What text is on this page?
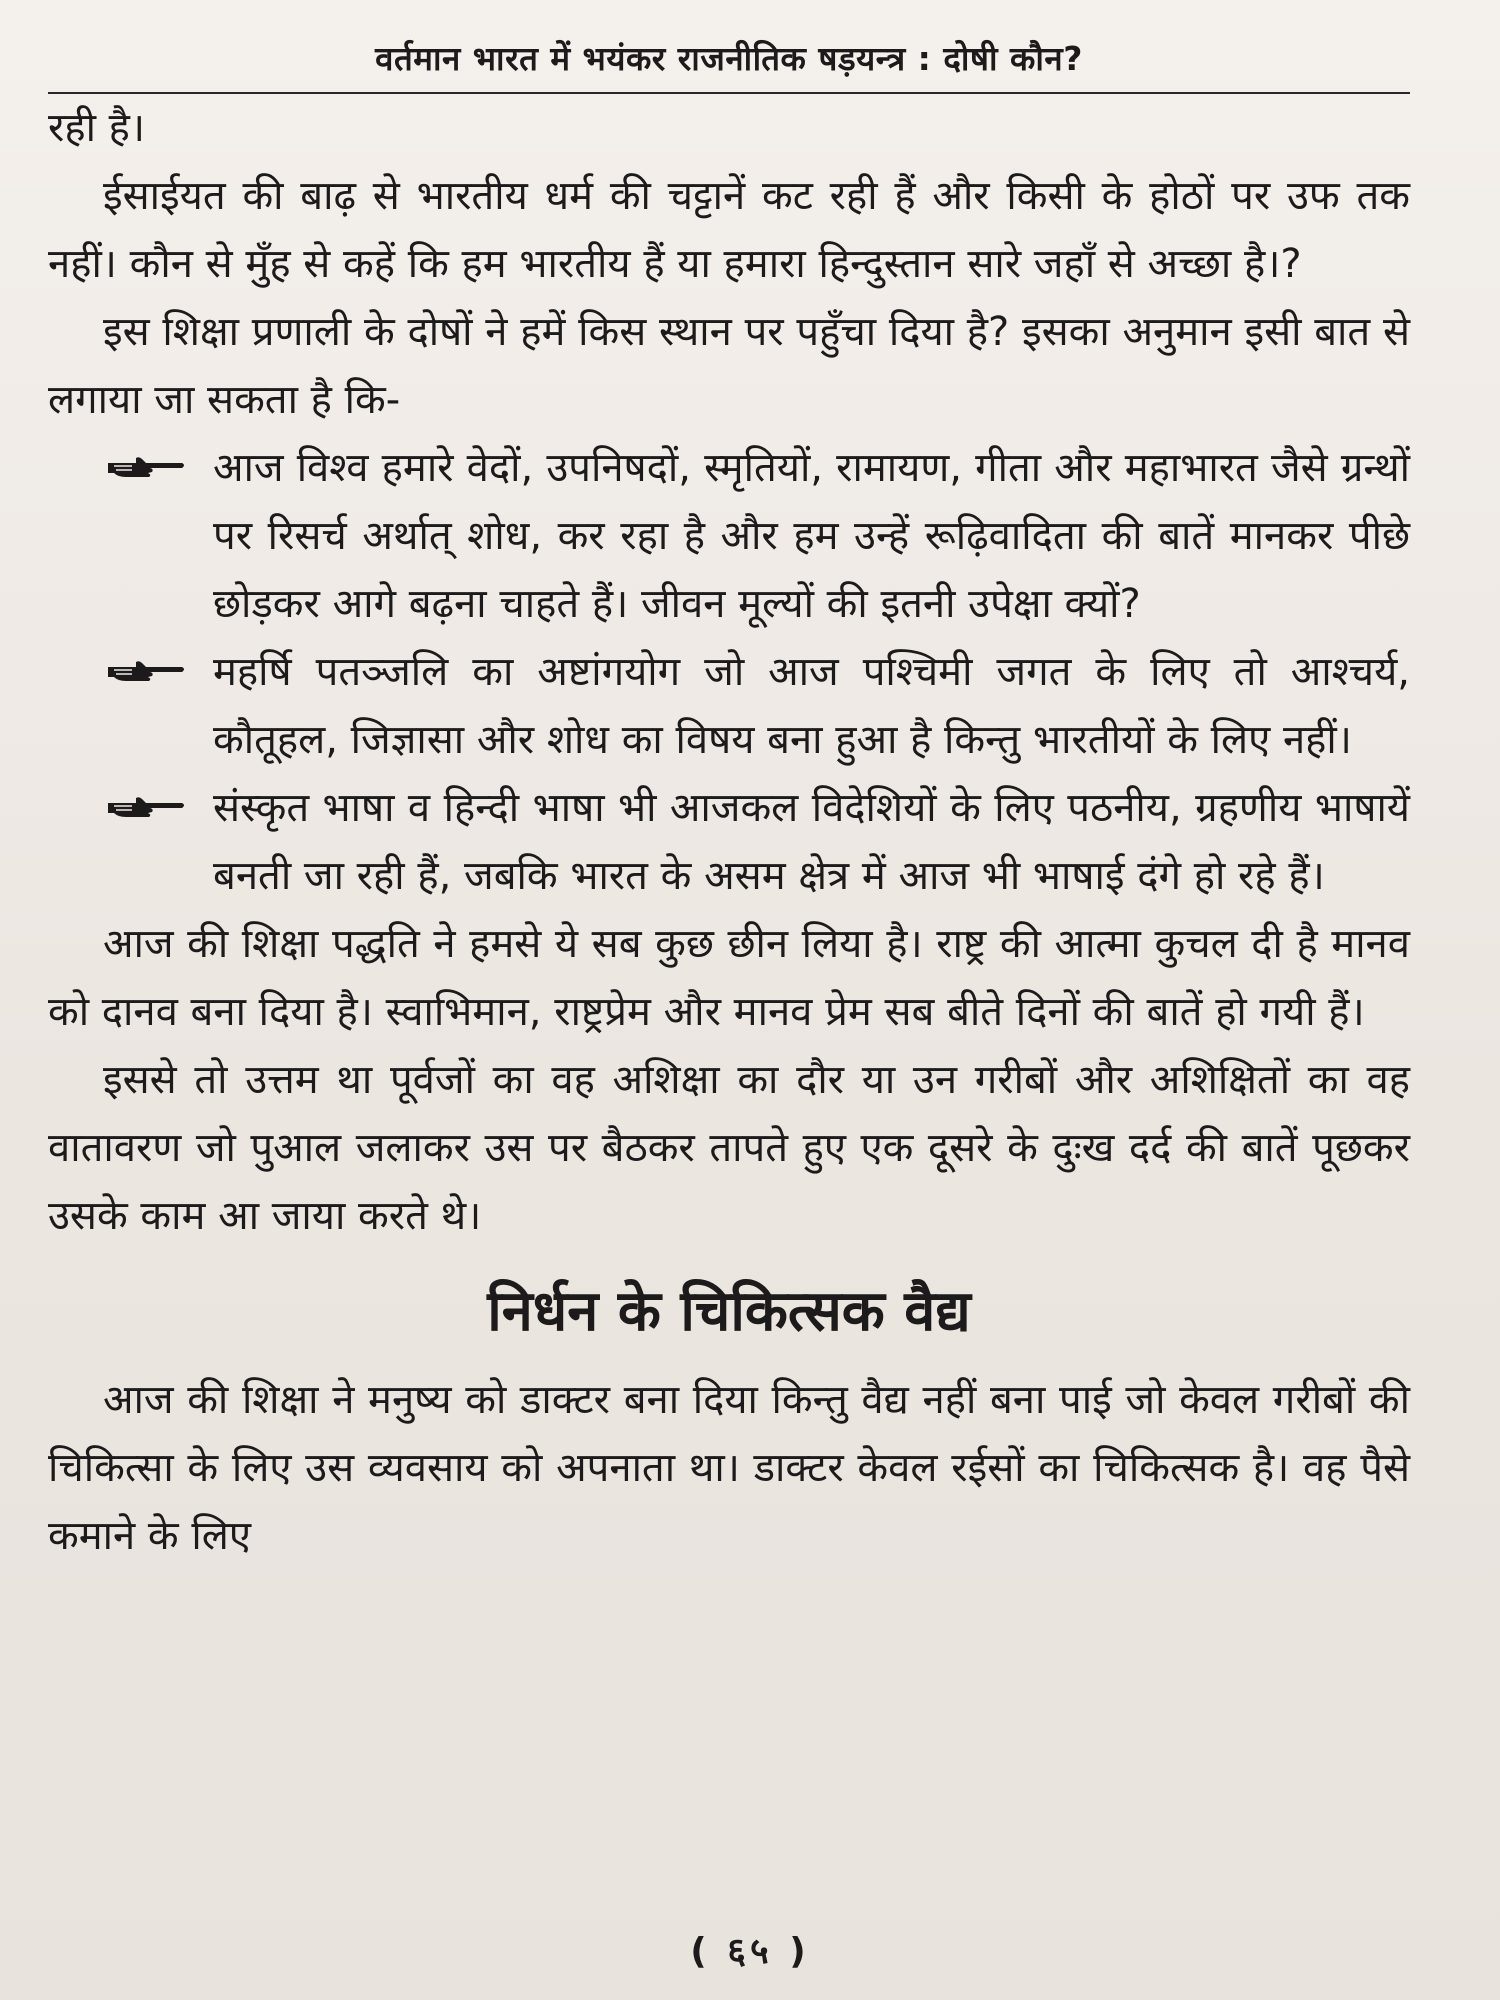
वर्तमान भारत में भयंकर राजनीतिक षड़यन्त्र : दोषी कौन?

रही है।

ईसाईयत की बाढ़ से भारतीय धर्म की चट्टानें कट रही हैं और किसी के होठों पर उफ तक नहीं। कौन से मुँह से कहें कि हम भारतीय हैं या हमारा हिन्दुस्तान सारे जहाँ से अच्छा है।?

इस शिक्षा प्रणाली के दोषों ने हमें किस स्थान पर पहुँचा दिया है? इसका अनुमान इसी बात से लगाया जा सकता है कि-

आज विश्व हमारे वेदों, उपनिषदों, स्मृतियों, रामायण, गीता और महाभारत जैसे ग्रन्थों पर रिसर्च अर्थात् शोध, कर रहा है और हम उन्हें रूढ़िवादिता की बातें मानकर पीछे छोड़कर आगे बढ़ना चाहते हैं। जीवन मूल्यों की इतनी उपेक्षा क्यों?
महर्षि पतञ्जलि का अष्टांगयोग जो आज पश्चिमी जगत के लिए तो आश्चर्य, कौतूहल, जिज्ञासा और शोध का विषय बना हुआ है किन्तु भारतीयों के लिए नहीं।
संस्कृत भाषा व हिन्दी भाषा भी आजकल विदेशियों के लिए पठनीय, ग्रहणीय भाषायें बनती जा रही हैं, जबकि भारत के असम क्षेत्र में आज भी भाषाई दंगे हो रहे हैं।

आज की शिक्षा पद्धति ने हमसे ये सब कुछ छीन लिया है। राष्ट्र की आत्मा कुचल दी है मानव को दानव बना दिया है। स्वाभिमान, राष्ट्रप्रेम और मानव प्रेम सब बीते दिनों की बातें हो गयी हैं।

इससे तो उत्तम था पूर्वजों का वह अशिक्षा का दौर या उन गरीबों और अशिक्षितों का वह वातावरण जो पुआल जलाकर उस पर बैठकर तापते हुए एक दूसरे के दुःख दर्द की बातें पूछकर उसके काम आ जाया करते थे।

निर्धन के चिकित्सक वैद्य

आज की शिक्षा ने मनुष्य को डाक्टर बना दिया किन्तु वैद्य नहीं बना पाई जो केवल गरीबों की चिकित्सा के लिए उस व्यवसाय को अपनाता था। डाक्टर केवल रईसों का चिकित्सक है। वह पैसे कमाने के लिए

( ६५ )
